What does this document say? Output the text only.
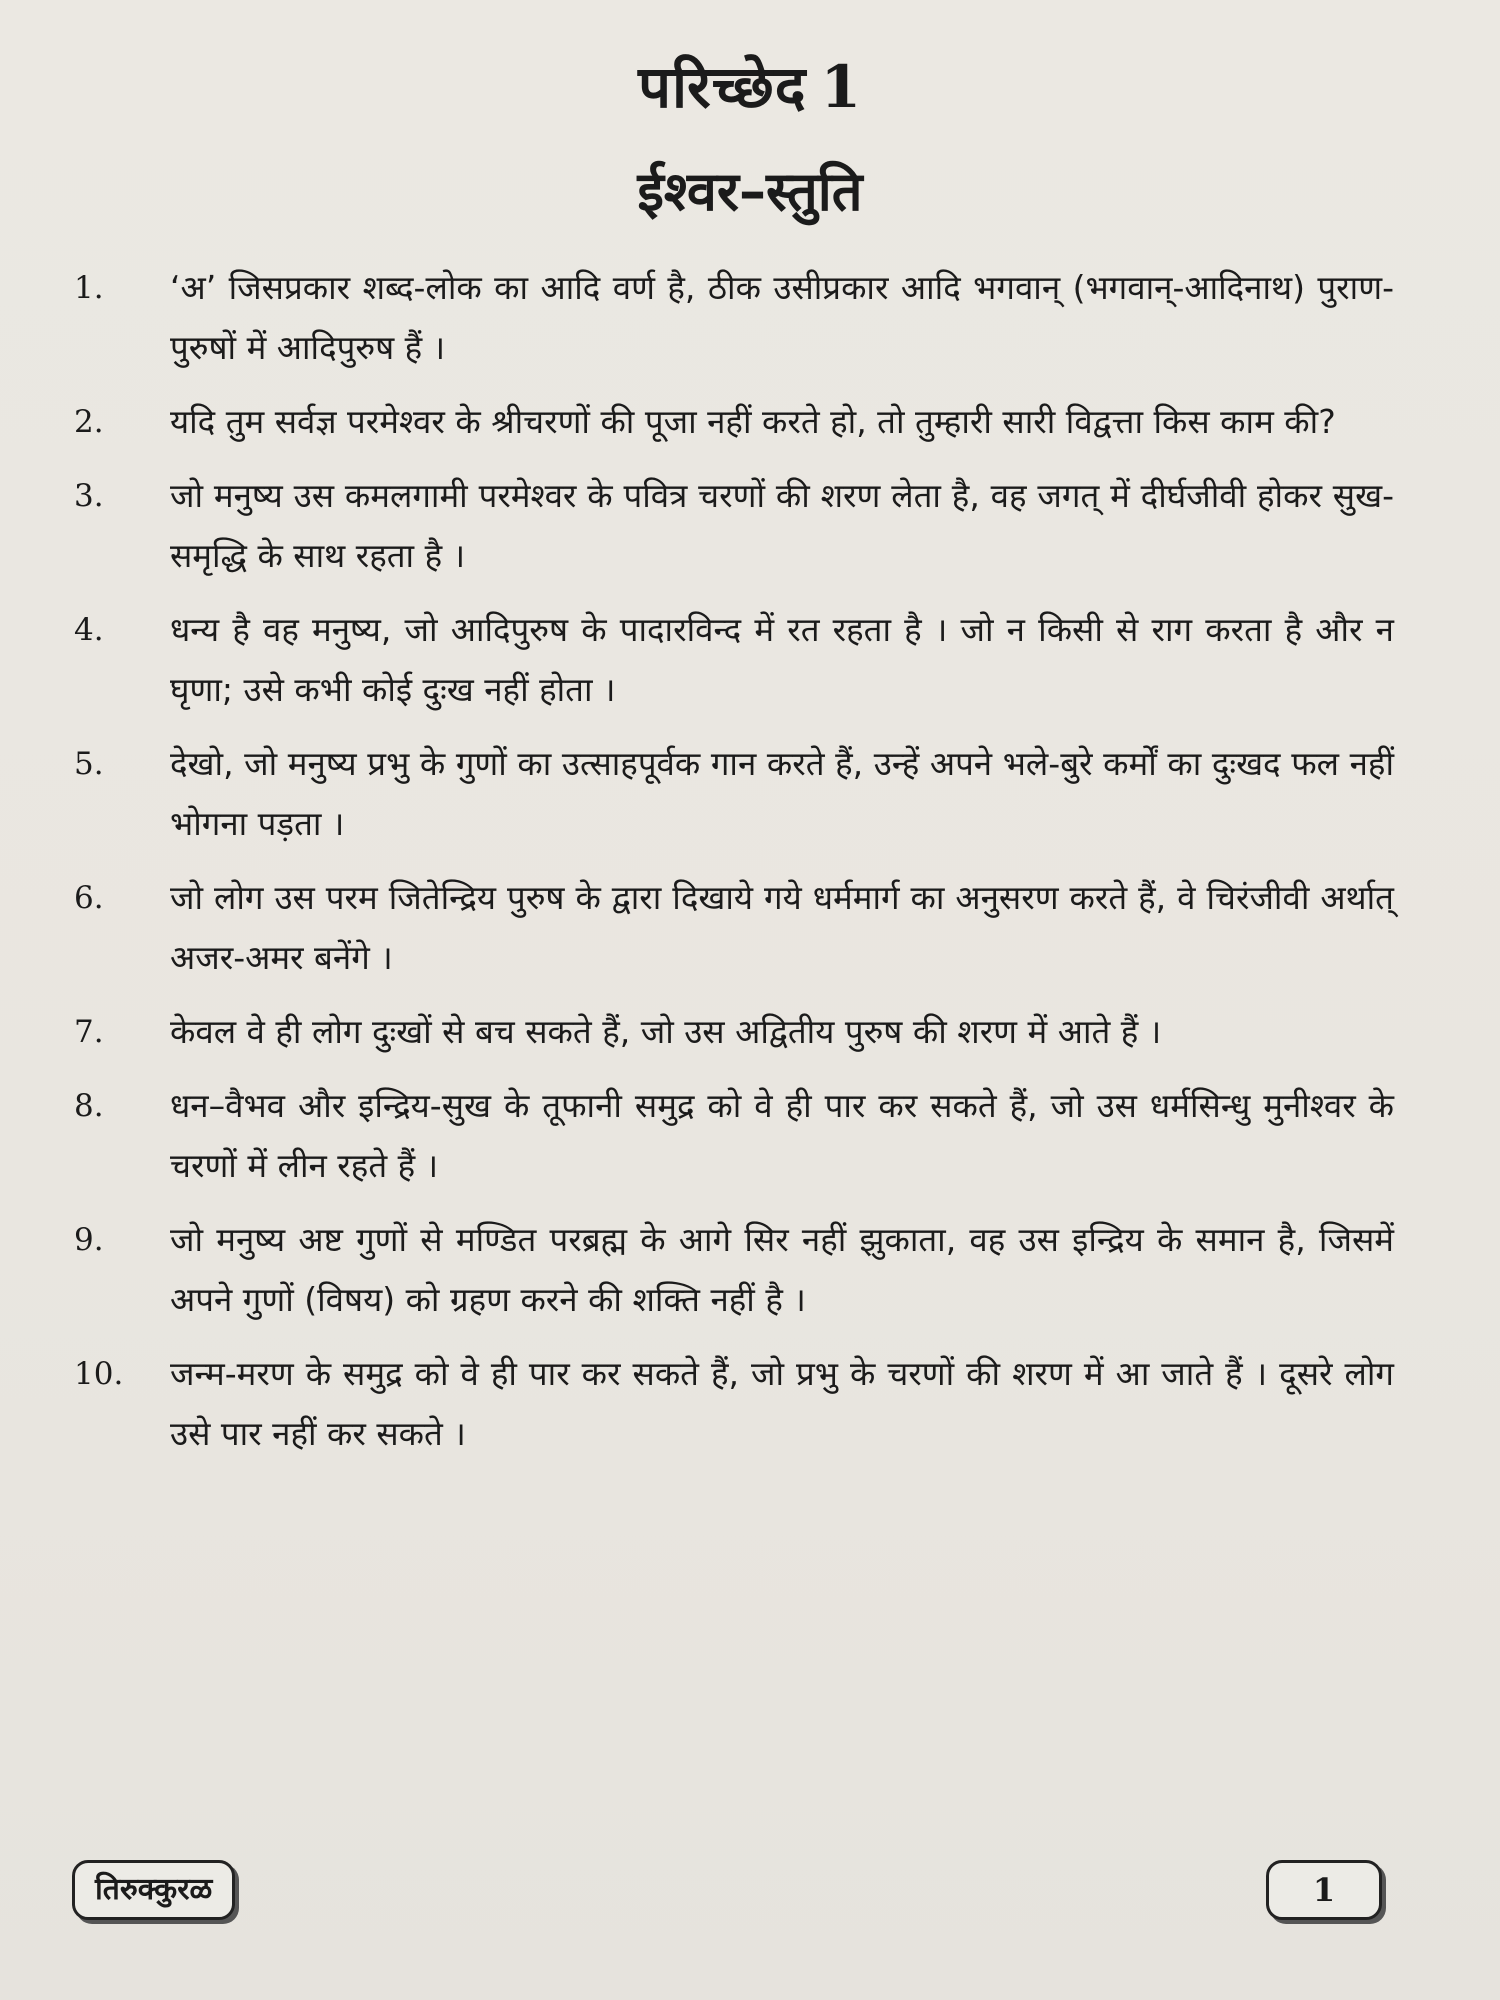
परिच्छेद 1
ईश्वर–स्तुति
1.	‘अ’ जिसप्रकार शब्द-लोक का आदि वर्ण है, ठीक उसीप्रकार आदि भगवान् (भगवान्-आदिनाथ) पुराण-पुरुषों में आदिपुरुष हैं ।
2.	यदि तुम सर्वज्ञ परमेश्वर के श्रीचरणों की पूजा नहीं करते हो, तो तुम्हारी सारी विद्वत्ता किस काम की?
3.	जो मनुष्य उस कमलगामी परमेश्वर के पवित्र चरणों की शरण लेता है, वह जगत् में दीर्घजीवी होकर सुख-समृद्धि के साथ रहता है ।
4.	धन्य है वह मनुष्य, जो आदिपुरुष के पादारविन्द में रत रहता है । जो न किसी से राग करता है और न घृणा; उसे कभी कोई दुःख नहीं होता ।
5.	देखो, जो मनुष्य प्रभु के गुणों का उत्साहपूर्वक गान करते हैं, उन्हें अपने भले-बुरे कर्मों का दुःखद फल नहीं भोगना पड़ता ।
6.	जो लोग उस परम जितेन्द्रिय पुरुष के द्वारा दिखाये गये धर्ममार्ग का अनुसरण करते हैं, वे चिरंजीवी अर्थात् अजर-अमर बनेंगे ।
7.	केवल वे ही लोग दुःखों से बच सकते हैं, जो उस अद्वितीय पुरुष की शरण में आते हैं ।
8.	धन–वैभव और इन्द्रिय-सुख के तूफानी समुद्र को वे ही पार कर सकते हैं, जो उस धर्मसिन्धु मुनीश्वर के चरणों में लीन रहते हैं ।
9.	जो मनुष्य अष्ट गुणों से मण्डित परब्रह्म के आगे सिर नहीं झुकाता, वह उस इन्द्रिय के समान है, जिसमें अपने गुणों (विषय) को ग्रहण करने की शक्ति नहीं है ।
10.	जन्म-मरण के समुद्र को वे ही पार कर सकते हैं, जो प्रभु के चरणों की शरण में आ जाते हैं । दूसरे लोग उसे पार नहीं कर सकते ।
तिरुक्कुरळ	1
